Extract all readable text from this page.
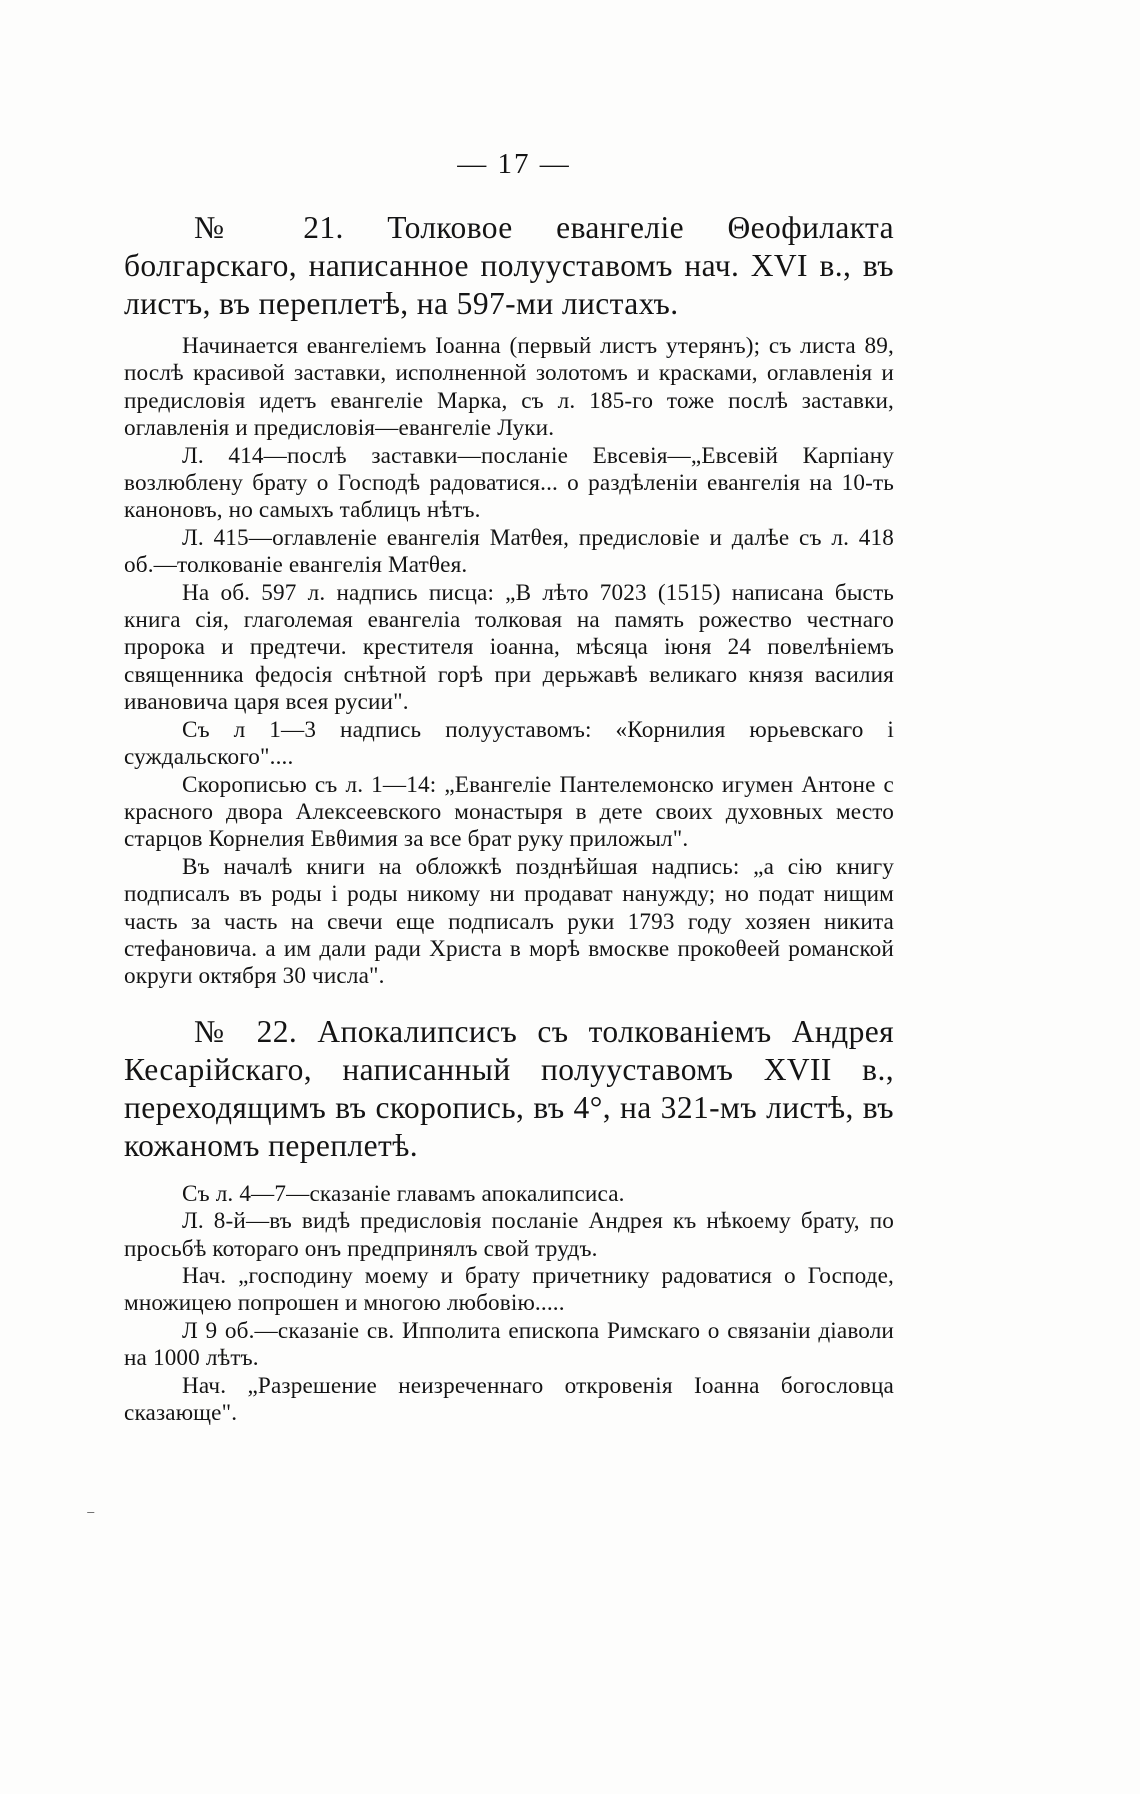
— 17 —
№ 21. Толковое евангеліе Θеофилакта болгарскаго, написанное полууставомъ нач. XVI в., въ листъ, въ переплетѣ, на 597-ми листахъ.

Начинается евангеліемъ Іоанна (первый листъ утерянъ); съ листа 89, послѣ красивой заставки, исполненной золотомъ и красками, оглавленія и предисловія идетъ евангеліе Марка, съ л. 185-го тоже послѣ заставки, оглавленія и предисловія—евангеліе Луки.

Л. 414—послѣ заставки—посланіе Евсевія—„Евсевій Карпіану возлюблену брату о Господѣ радоватися... о раздѣленіи евангелія на 10-ть каноновъ, но самыхъ таблицъ нѣтъ.

Л. 415—оглавленіе евангелія Матθея, предисловіе и далѣе съ л. 418 об.—толкованіе евангелія Матθея.

На об. 597 л. надпись писца: „В лѣто 7023 (1515) написана бысть книга сія, глаголемая евангеліа толковая на память рожество честнаго пророка и предтечи. крестителя іоанна, мѣсяца іюня 24 повелѣніемъ священника федосія снѣтной горѣ при дерьжавѣ великаго князя василия ивановича царя всея русии".

Съ л 1—3 надпись полууставомъ: «Корнилия юрьевскаго і суждальского"....

Скорописью съ л. 1—14: „Евангеліе Пантелемонско игумен Антоне с красного двора Алексеевского монастыря в дете своих духовных место старцов Корнелия Евθимия за все брат руку приложыл".

Въ началѣ книги на обложкѣ позднѣйшая надпись: „а сію книгу подписалъ въ роды і роды никому ни продават нанужду; но подат нищим часть за часть на свечи еще подписалъ руки 1793 году хозяен никита стефановича. а им дали ради Христа в морѣ вмоскве прокоθеей романской округи октября 30 числа".

№ 22. Апокалипсисъ съ толкованіемъ Андрея Кесарійскаго, написанный полууставомъ XVII в., переходящимъ въ скоропись, въ 4°, на 321-мъ листѣ, въ кожаномъ переплетѣ.

Съ л. 4—7—сказаніе главамъ апокалипсиса.

Л. 8-й—въ видѣ предисловія посланіе Андрея къ нѣкоему брату, по просьбѣ котораго онъ предпринялъ свой трудъ.

Нач. „господину моему и брату причетнику радоватися о Господе, множицею попрошен и многою любовію.....

Л 9 об.—сказаніе св. Ипполита епископа Римскаго о связаніи діаволи на 1000 лѣтъ.

Нач. „Разрешение неизреченнаго откровенія Іоанна богословца сказающе".

⁻
